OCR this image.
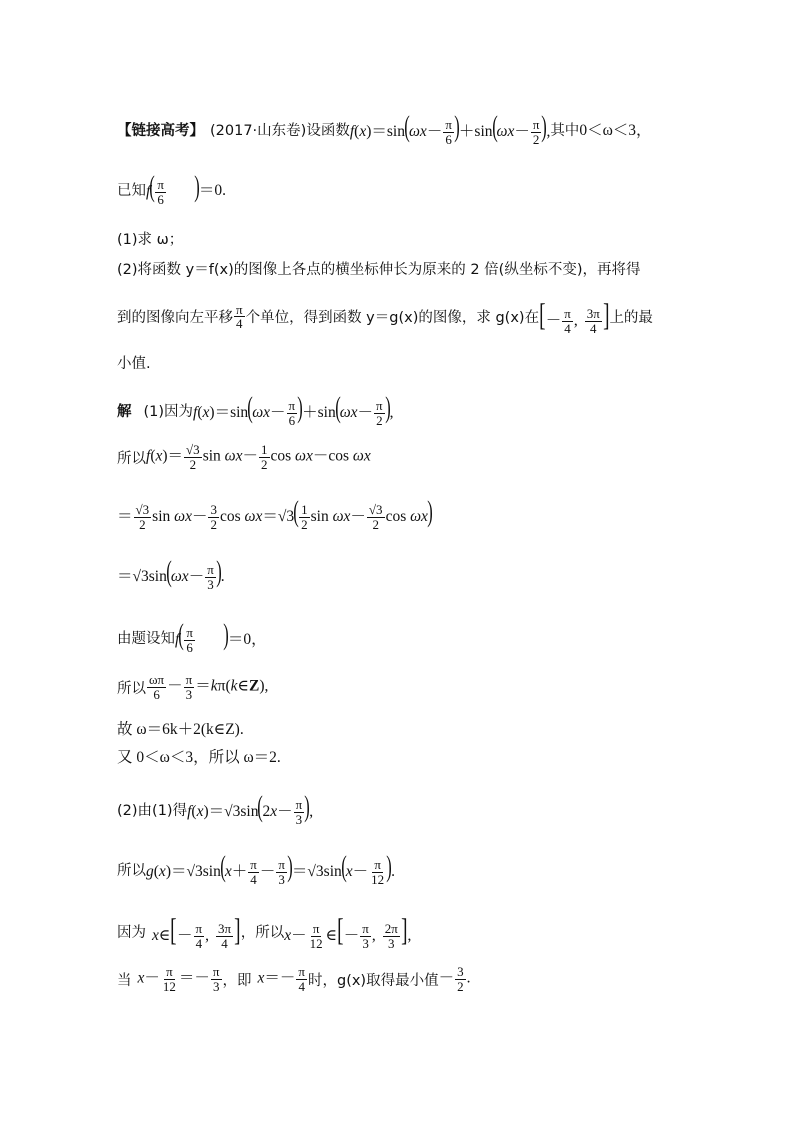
【链接高考】 (2017·山东卷) 设函数 $f(x)=\sin(\omega x- \frac{\pi}{6} )+\sin(\omega x- \frac{\pi}{2}$ ), 其中 0＜ω＜3，
已知 $f( \frac{\pi}{6}$ ) ＝0.
(1)求 ω；
(2)将函数 y＝f(x)的图像上各点的横坐标伸长为原来的 2 倍(纵坐标不变)，再将得
到的图像向左平移 $\frac{\pi}{4}$ 个单位，得到函数 y＝g(x)的图像，求 g(x)在 [－ $\frac{\pi}{4}$ , $\frac{3\pi}{4}$ ] 上的最
小值.
解 (1)因为 $f(x)=\sin(\omega x- \frac{\pi}{6} )+\sin(\omega x- \frac{\pi}{2}$ ),
所以 $f(x)= \frac{√3}{2}$ $\sin \omega x- \frac{1}{2}$ cos ωx－cos ωx
＝ $\frac{√3}{2}$ $\sin \omega x- \frac{3}{2}$ $\cos \omega x=√3( \frac{1}{2}$ $\sin \omega x- \frac{√3}{2}$ cos ωx)
$=√3\sin(\omega x- \frac{\pi}{3}$ ).
由题设知 $f( \frac{\pi}{6} )=0$，
所以 $\frac{\omega\pi}{6} - \frac{\pi}{3}$ ＝kπ(k∈Z),
故 ω＝6k＋2(k∈Z).
又 0＜ω＜3，所以 ω＝2.
(2)由(1)得 $f(x)=√3\sin(2x- \frac{\pi}{3}$ ),
所以 $g(x)=√3\sin(x+ \frac{\pi}{4} - \frac{\pi}{3} )=√3\sin(x- \frac{\pi}{12}$ ).
因为 x∈[－ $\frac{\pi}{4}$ , $\frac{3\pi}{4}$ ] ，所以 $x- \frac{\pi}{12}$ ∈[－ $\frac{\pi}{3}$ , $\frac{2\pi}{3}$ ],
当 $x- \frac{\pi}{12} =- \frac{\pi}{3}$ ，即 $x=- \frac{\pi}{4}$ 时，g(x)取得最小值 － $\frac{3}{2}$ .
